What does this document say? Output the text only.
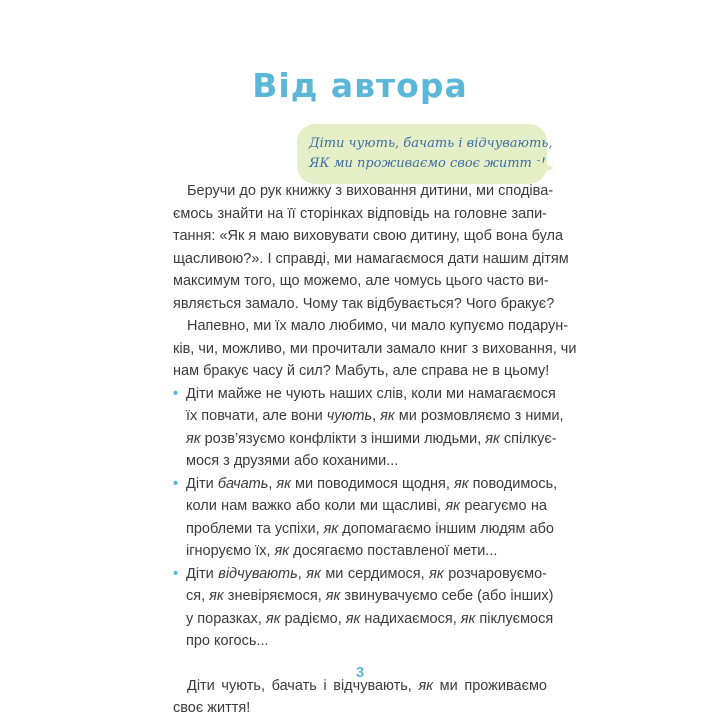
Від автора
Діти чують, бачать і відчувають,
ЯК ми проживаємо своє життя!
Беручи до рук книжку з виховання дитини, ми сподіва-
ємось знайти на її сторінках відповідь на головне запи-
тання: «Як я маю виховувати свою дитину, щоб вона була
щасливою?». І справді, ми намагаємося дати нашим дітям
максимум того, що можемо, але чомусь цього часто ви-
являється замало. Чому так відбувається? Чого бракує?
Напевно, ми їх мало любимо, чи мало купуємо подарун-
ків, чи, можливо, ми прочитали замало книг з виховання, чи
нам бракує часу й сил? Мабуть, але справа не в цьому!
• Діти майже не чують наших слів, коли ми намагаємося
їх повчати, але вони чують, як ми розмовляємо з ними,
як розв’язуємо конфлікти з іншими людьми, як спілкує-
мося з друзями або коханими...
• Діти бачать, як ми поводимося щодня, як поводимось,
коли нам важко або коли ми щасливі, як реагуємо на
проблеми та успіхи, як допомагаємо іншим людям або
ігноруємо їх, як досягаємо поставленої мети...
• Діти відчувають, як ми сердимося, як розчаровуємо-
ся, як зневіряємося, як звинувачуємо себе (або інших)
у поразках, як радіємо, як надихаємося, як піклуємося
про когось...
Діти чують, бачать і відчувають, як ми проживаємо
своє життя!
3
